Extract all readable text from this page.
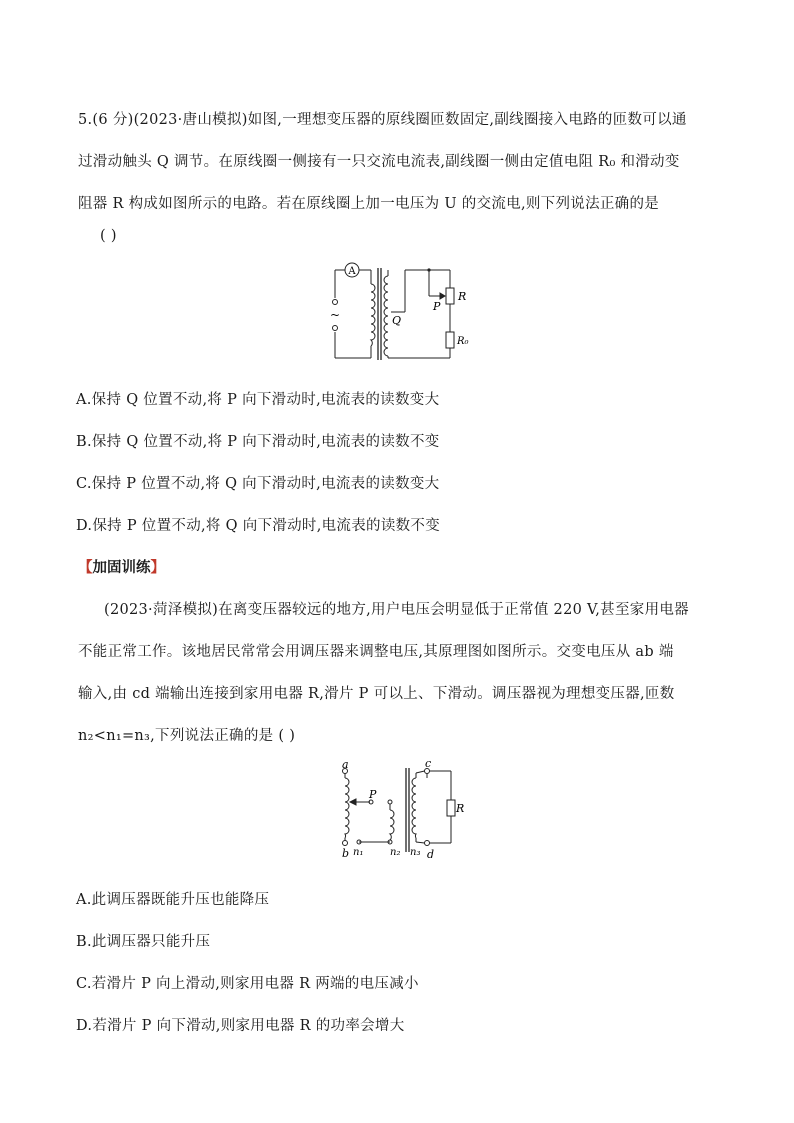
5.(6 分)(2023·唐山模拟)如图,一理想变压器的原线圈匝数固定,副线圈接入电路的匝数可以通
过滑动触头 Q 调节。在原线圈一侧接有一只交流电流表,副线圈一侧由定值电阻 R₀ 和滑动变
阻器 R 构成如图所示的电路。若在原线圈上加一电压为 U 的交流电,则下列说法正确的是
( )
A
~	Q
P
R
R₀
A.保持 Q 位置不动,将 P 向下滑动时,电流表的读数变大
B.保持 Q 位置不动,将 P 向下滑动时,电流表的读数不变
C.保持 P 位置不动,将 Q 向下滑动时,电流表的读数变大
D.保持 P 位置不动,将 Q 向下滑动时,电流表的读数不变
【加固训练】
(2023·菏泽模拟)在离变压器较远的地方,用户电压会明显低于正常值 220 V,甚至家用电器
不能正常工作。该地居民常常会用调压器来调整电压,其原理图如图所示。交变电压从 ab 端
输入,由 cd 端输出连接到家用电器 R,滑片 P 可以上、下滑动。调压器视为理想变压器,匝数
n₂<n₁=n₃,下列说法正确的是 ( )
a
b
c
d
P
R
n₁	n₂ n₃
A.此调压器既能升压也能降压
B.此调压器只能升压
C.若滑片 P 向上滑动,则家用电器 R 两端的电压减小
D.若滑片 P 向下滑动,则家用电器 R 的功率会增大
